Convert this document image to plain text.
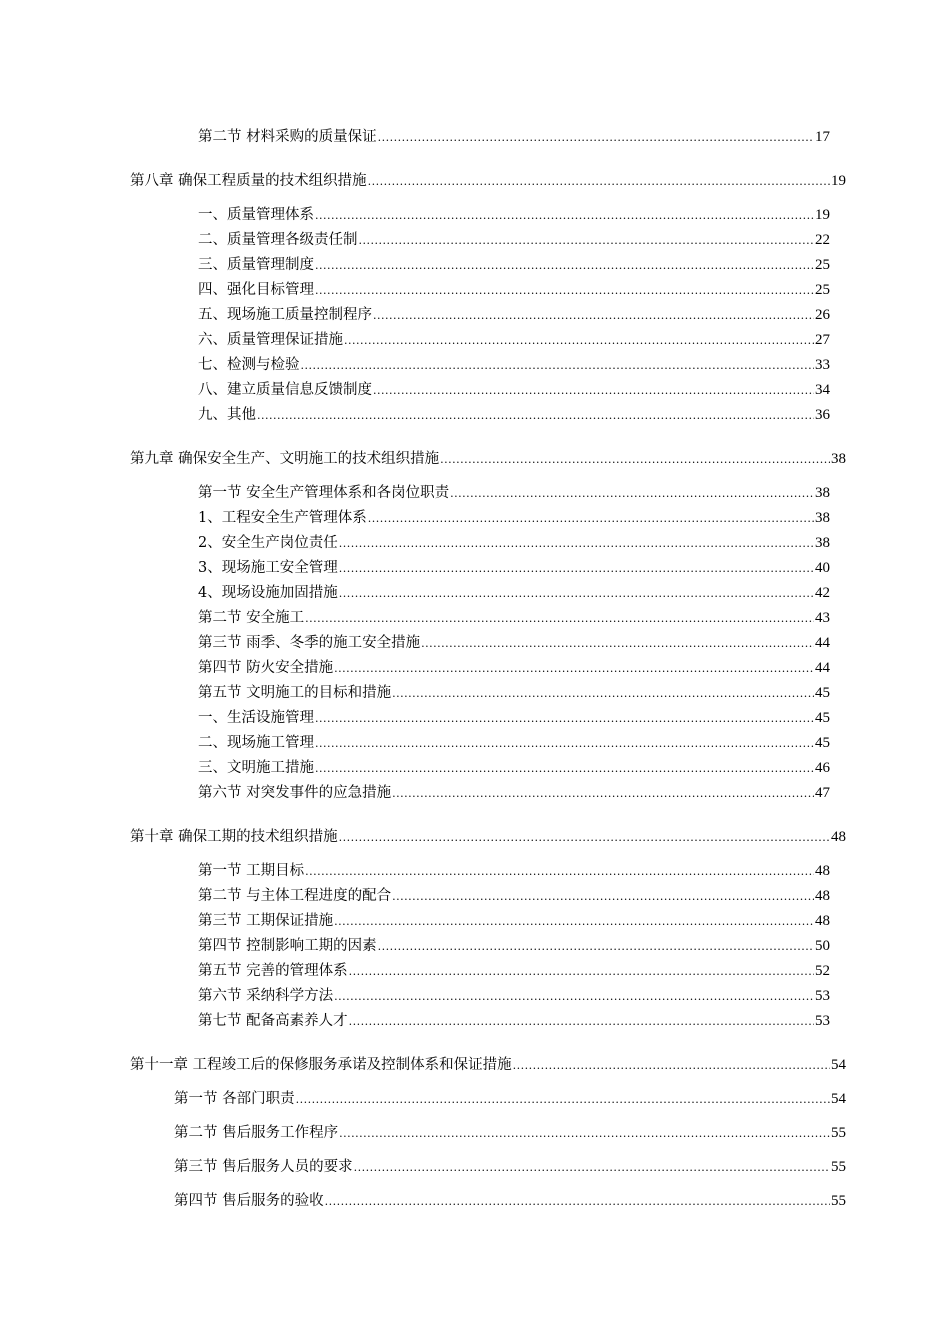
第二节 材料采购的质量保证 .....	17
第八章 确保工程质量的技术组织措施 .....	19
一、质量管理体系 .....	19
二、质量管理各级责任制 .....	22
三、质量管理制度 .....	25
四、强化目标管理 .....	25
五、现场施工质量控制程序 .....	26
六、质量管理保证措施 .....	27
七、检测与检验 .....	33
八、建立质量信息反馈制度 .....	34
九、其他 .....	36
第九章 确保安全生产、文明施工的技术组织措施 .....	38
第一节 安全生产管理体系和各岗位职责 .....	38
1、工程安全生产管理体系 .....	38
2、安全生产岗位责任 .....	38
3、现场施工安全管理 .....	40
4、现场设施加固措施 .....	42
第二节 安全施工 .....	43
第三节 雨季、冬季的施工安全措施 .....	44
第四节 防火安全措施 .....	44
第五节 文明施工的目标和措施 .....	45
一、生活设施管理 .....	45
二、现场施工管理 .....	45
三、文明施工措施 .....	46
第六节 对突发事件的应急措施 .....	47
第十章 确保工期的技术组织措施 .....	48
第一节 工期目标 .....	48
第二节 与主体工程进度的配合 .....	48
第三节 工期保证措施 .....	48
第四节 控制影响工期的因素 .....	50
第五节 完善的管理体系 .....	52
第六节 采纳科学方法 .....	53
第七节 配备高素养人才 .....	53
第十一章 工程竣工后的保修服务承诺及控制体系和保证措施 .....	54
第一节 各部门职责 .....	54
第二节 售后服务工作程序 .....	55
第三节 售后服务人员的要求 .....	55
第四节 售后服务的验收 .....	55
